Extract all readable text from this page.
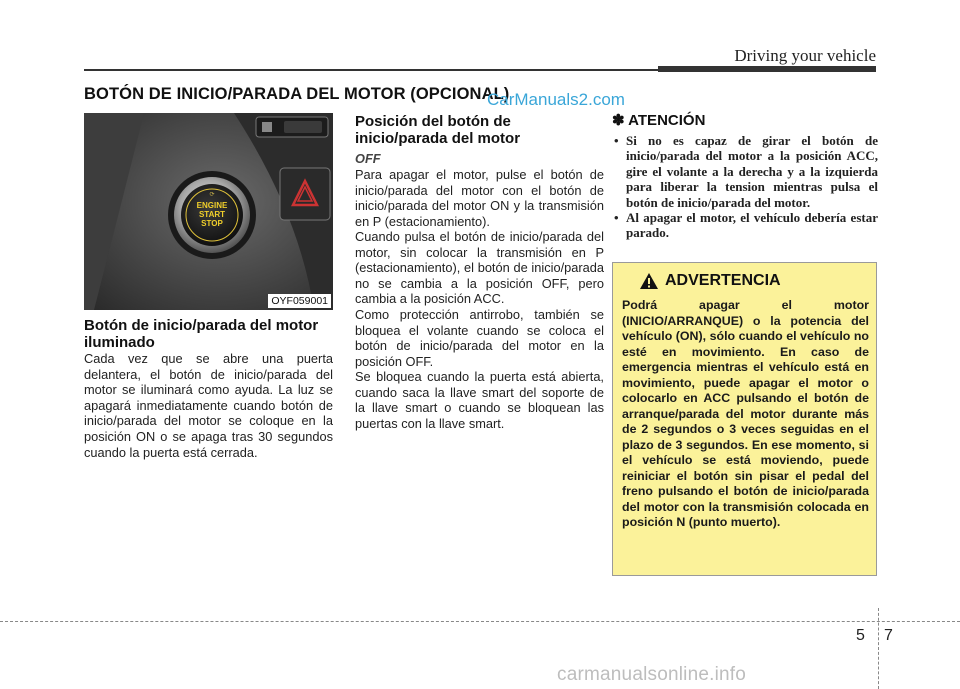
Driving your vehicle
BOTÓN DE INICIO/PARADA DEL MOTOR (OPCIONAL)
CarManuals2.com
⟳
ENGINE
START
STOP
OYF059001
Botón de inicio/parada del motor
iluminado
Cada vez que se abre una puerta delantera, el botón de inicio/parada del motor se iluminará como ayuda. La luz se apagará inmediatamente cuando botón de inicio/parada del motor se coloque en la posición ON o se apaga tras 30 segundos cuando la puerta está cerrada.
Posición del botón de
inicio/parada del motor
OFF
Para apagar el motor, pulse el botón de inicio/parada del motor con el botón de inicio/parada del motor ON y la transmisión en P (estacionamiento).
Cuando pulsa el botón de inicio/parada del motor, sin colocar la transmisión en P (estacionamiento), el botón de inicio/parada no se cambia a la posición OFF, pero cambia a la posición ACC.
Como protección antirrobo, también se bloquea el volante cuando se coloca el botón de inicio/parada del motor en la posición OFF.
Se bloquea cuando la puerta está abierta, cuando saca la llave smart del soporte de la llave smart o cuando se bloquean las puertas con la llave smart.
✽ ATENCIÓN
• Si no es capaz de girar el botón de inicio/parada del motor a la posición ACC, gire el volante a la derecha y a la izquierda para liberar la tension mientras pulsa el botón de inicio/parada del motor.
• Al apagar el motor, el vehículo debería estar parado.
ADVERTENCIA
Podrá apagar el motor (INICIO/ARRANQUE) o la potencia del vehículo (ON), sólo cuando el vehículo no esté en movimiento. En caso de emergencia mientras el vehículo está en movimiento, puede apagar el motor o colocarlo en ACC pulsando el botón de arranque/parada del motor durante más de 2 segundos o 3 veces seguidas en el plazo de 3 segundos. En ese momento, si el vehículo se está moviendo, puede reiniciar el botón sin pisar el pedal del freno pulsando el botón de inicio/parada del motor con la transmisión colocada en posición N (punto muerto).
5 7
carmanualsonline.info
